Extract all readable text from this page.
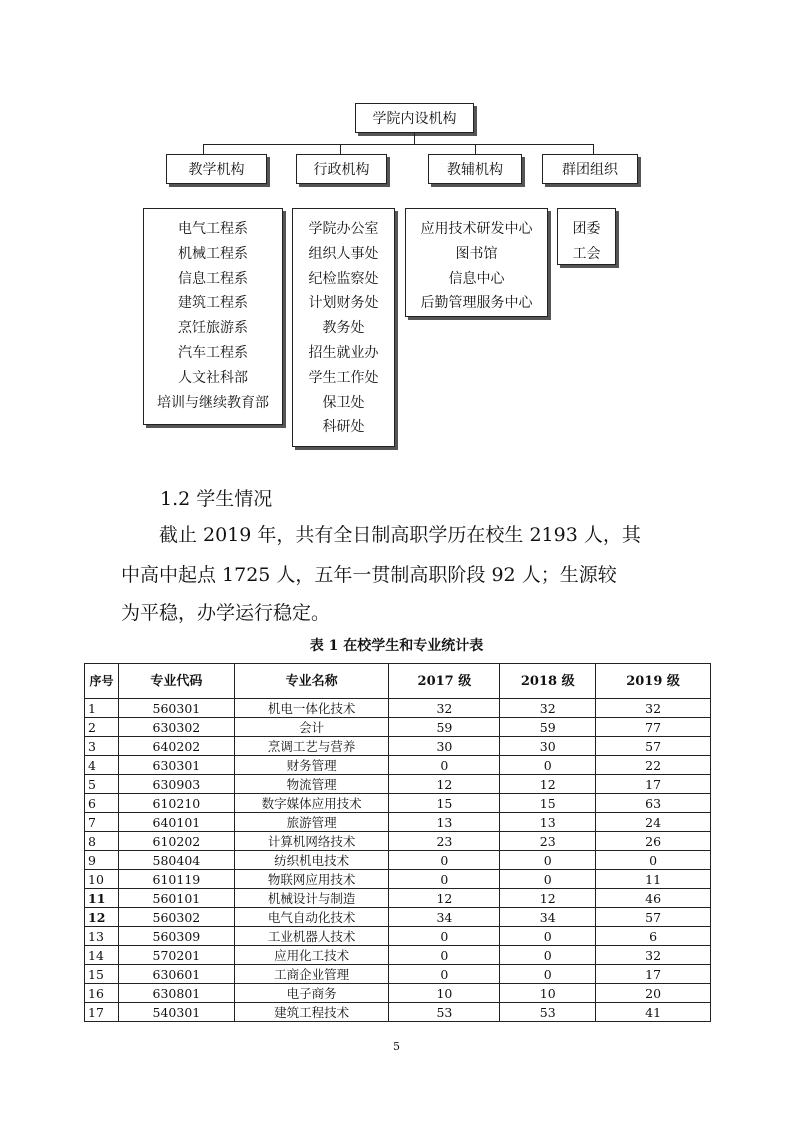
学院内设机构
教学机构	行政机构	教辅机构	群团组织
电气工程系
机械工程系
信息工程系
建筑工程系
烹饪旅游系
汽车工程系
人文社科部
培训与继续教育部
学院办公室
组织人事处
纪检监察处
计划财务处
教务处
招生就业办
学生工作处
保卫处
科研处
应用技术研发中心
图书馆
信息中心
后勤管理服务中心
团委
工会
1.2 学生情况
截止 2019 年，共有全日制高职学历在校生 2193 人，其
中高中起点 1725 人，五年一贯制高职阶段 92 人；生源较
为平稳，办学运行稳定。
表 1 在校学生和专业统计表
序号	专业代码	专业名称	2017 级	2018 级	2019 级
1	560301	机电一体化技术	32	32	32
2	630302	会计	59	59	77
3	640202	烹调工艺与营养	30	30	57
4	630301	财务管理	0	0	22
5	630903	物流管理	12	12	17
6	610210	数字媒体应用技术	15	15	63
7	640101	旅游管理	13	13	24
8	610202	计算机网络技术	23	23	26
9	580404	纺织机电技术	0	0	0
10	610119	物联网应用技术	0	0	11
11	560101	机械设计与制造	12	12	46
12	560302	电气自动化技术	34	34	57
13	560309	工业机器人技术	0	0	6
14	570201	应用化工技术	0	0	32
15	630601	工商企业管理	0	0	17
16	630801	电子商务	10	10	20
17	540301	建筑工程技术	53	53	41
5
